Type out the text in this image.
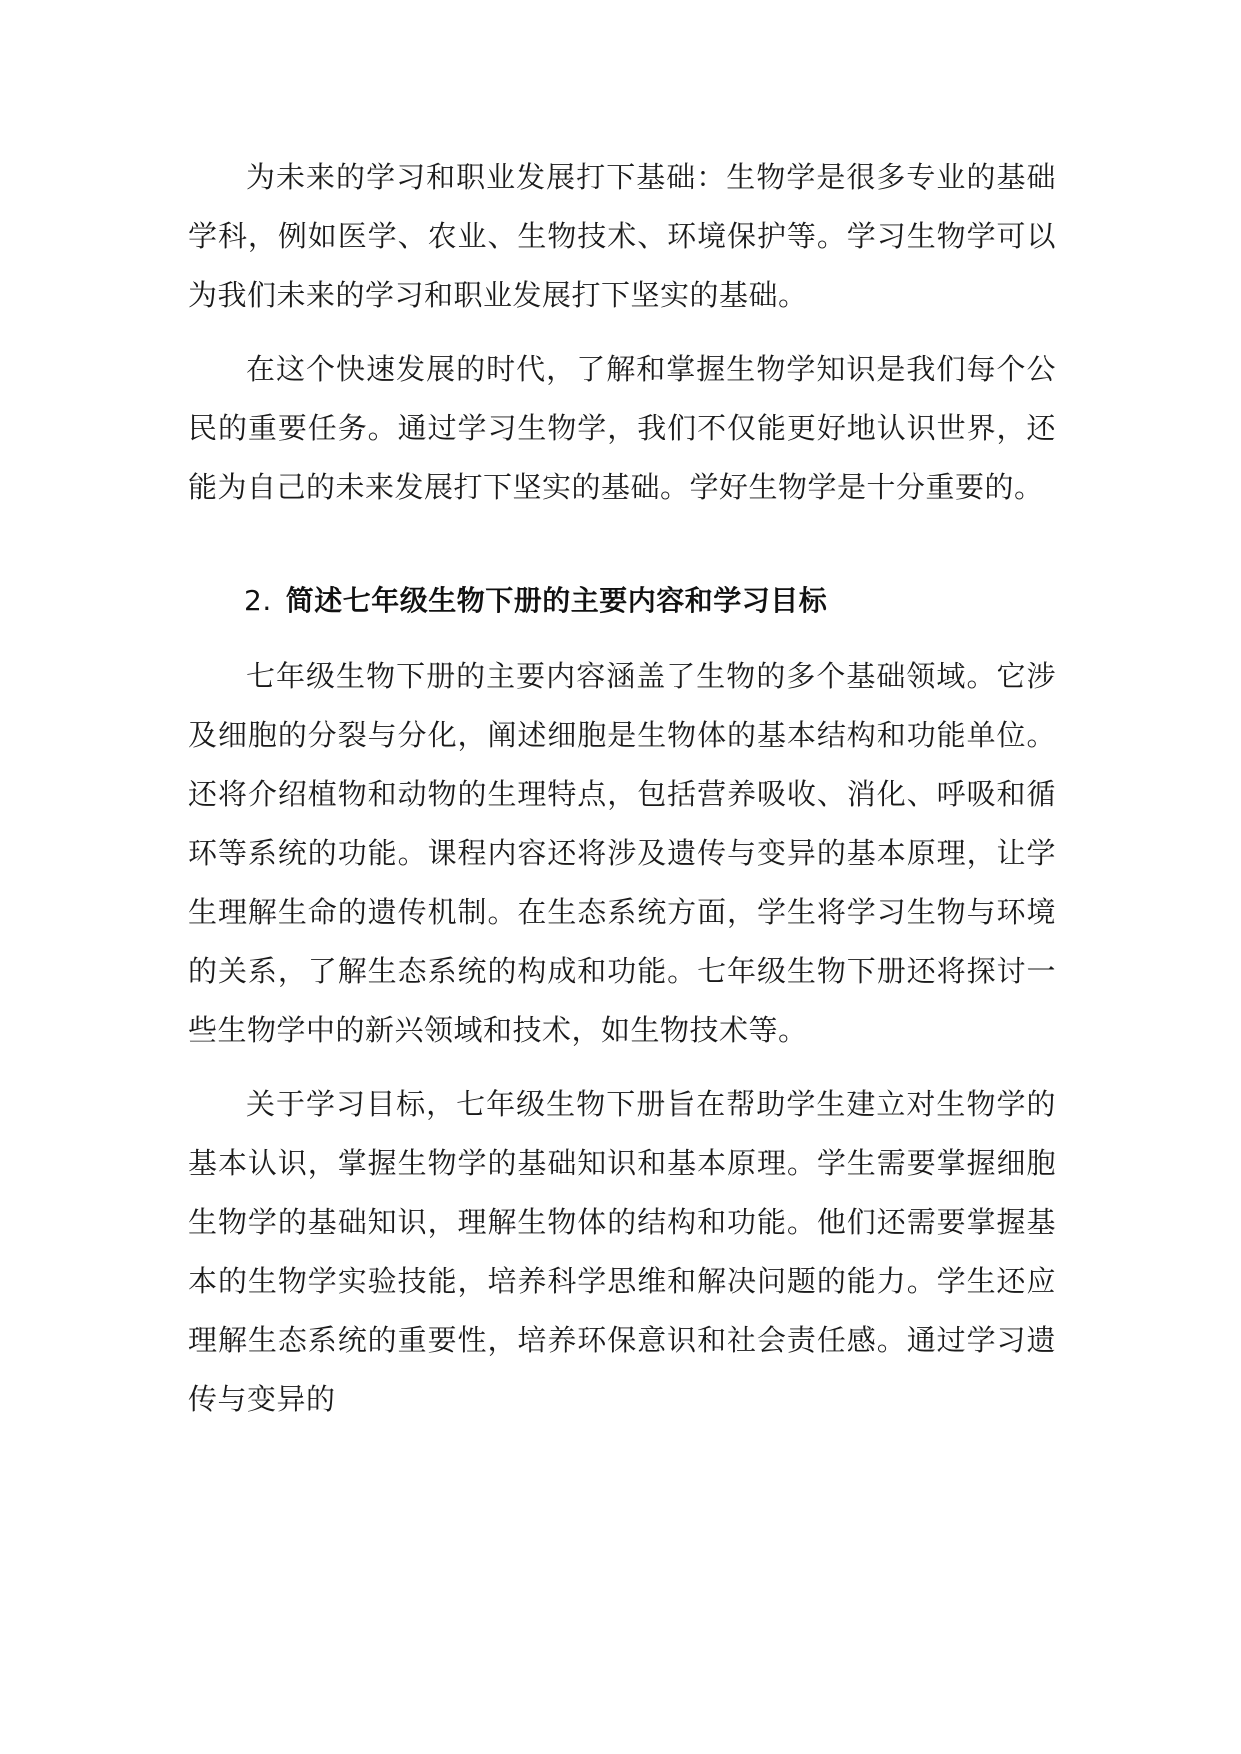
为未来的学习和职业发展打下基础：生物学是很多专业的基础学科，例如医学、农业、生物技术、环境保护等。学习生物学可以为我们未来的学习和职业发展打下坚实的基础。

在这个快速发展的时代，了解和掌握生物学知识是我们每个公民的重要任务。通过学习生物学，我们不仅能更好地认识世界，还能为自己的未来发展打下坚实的基础。学好生物学是十分重要的。

2. 简述七年级生物下册的主要内容和学习目标

七年级生物下册的主要内容涵盖了生物的多个基础领域。它涉及细胞的分裂与分化，阐述细胞是生物体的基本结构和功能单位。还将介绍植物和动物的生理特点，包括营养吸收、消化、呼吸和循环等系统的功能。课程内容还将涉及遗传与变异的基本原理，让学生理解生命的遗传机制。在生态系统方面，学生将学习生物与环境的关系，了解生态系统的构成和功能。七年级生物下册还将探讨一些生物学中的新兴领域和技术，如生物技术等。

关于学习目标，七年级生物下册旨在帮助学生建立对生物学的基本认识，掌握生物学的基础知识和基本原理。学生需要掌握细胞生物学的基础知识，理解生物体的结构和功能。他们还需要掌握基本的生物学实验技能，培养科学思维和解决问题的能力。学生还应理解生态系统的重要性，培养环保意识和社会责任感。通过学习遗传与变异的
